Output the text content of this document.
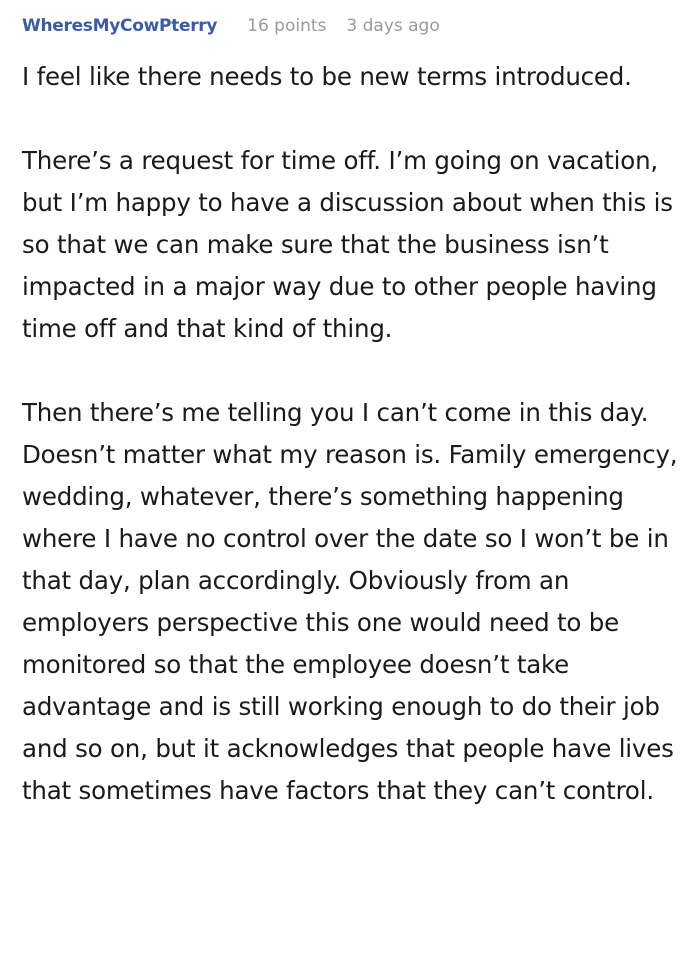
WheresMyCowPterry 16 points 3 days ago

I feel like there needs to be new terms introduced.

There’s a request for time off. I’m going on vacation, but I’m happy to have a discussion about when this is so that we can make sure that the business isn’t impacted in a major way due to other people having time off and that kind of thing.

Then there’s me telling you I can’t come in this day. Doesn’t matter what my reason is. Family emergency, wedding, whatever, there’s something happening where I have no control over the date so I won’t be in that day, plan accordingly. Obviously from an employers perspective this one would need to be monitored so that the employee doesn’t take advantage and is still working enough to do their job and so on, but it acknowledges that people have lives that sometimes have factors that they can’t control.
